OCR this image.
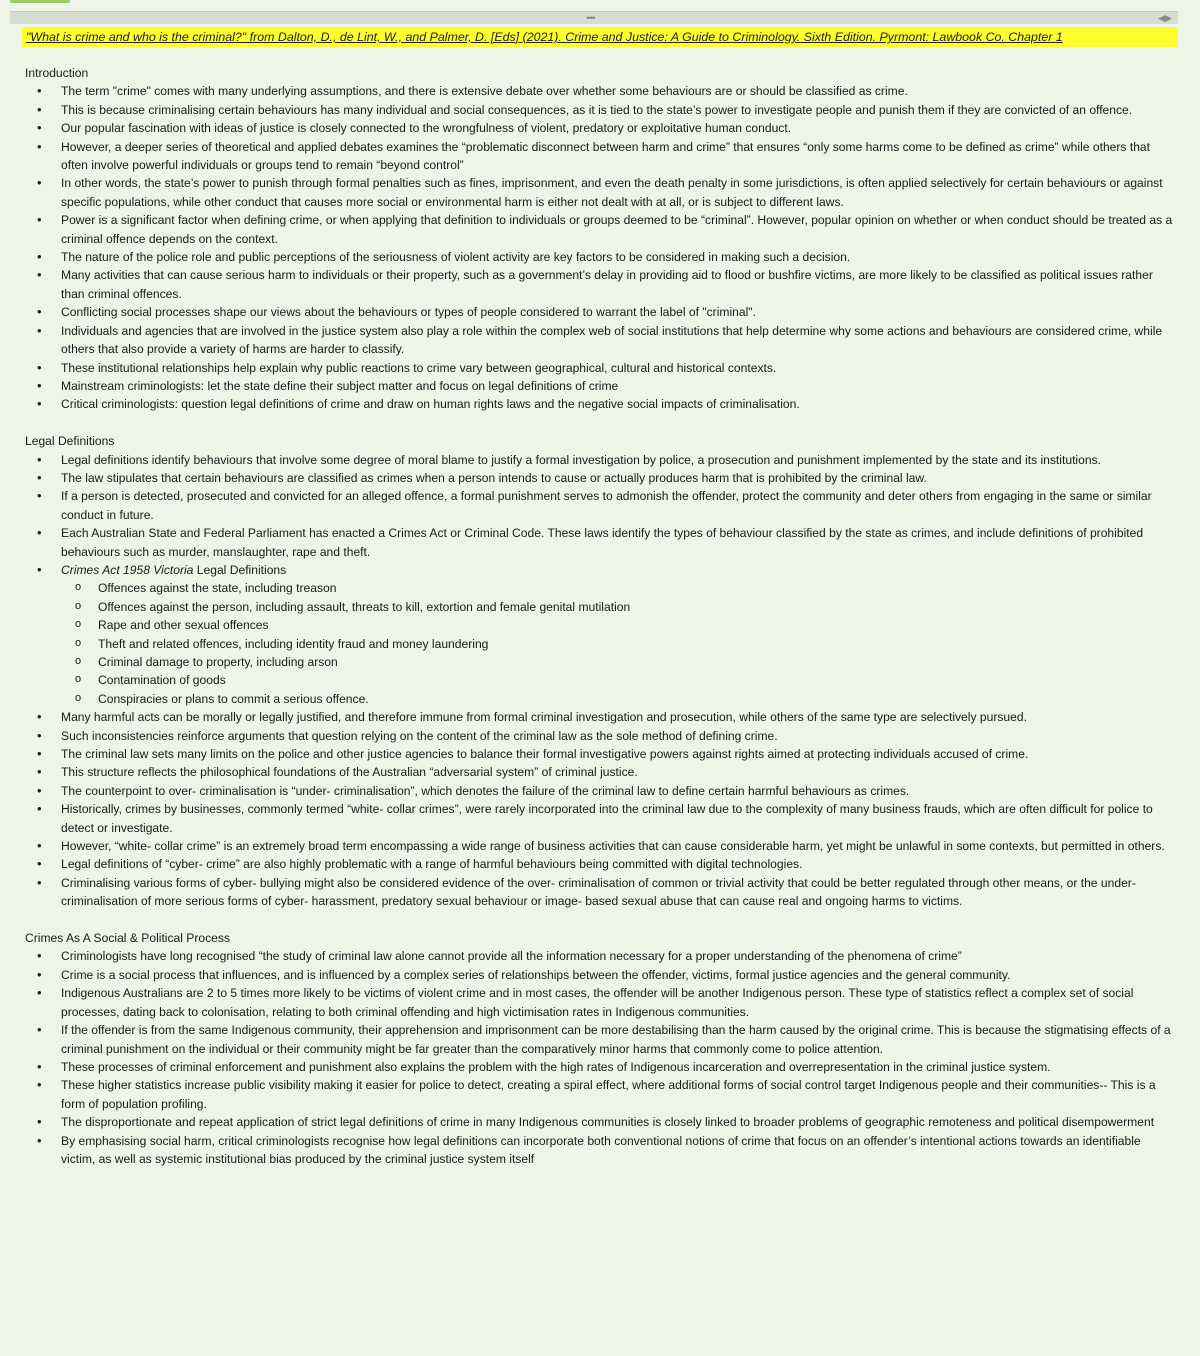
••••	◀▶
"What is crime and who is the criminal?" from Dalton, D., de Lint, W., and Palmer, D. [Eds] (2021). Crime and Justice: A Guide to Criminology. Sixth Edition. Pyrmont: Lawbook Co. Chapter 1

Introduction

• The term "crime" comes with many underlying assumptions, and there is extensive debate over whether some behaviours are or should be classified as crime.
• This is because criminalising certain behaviours has many individual and social consequences, as it is tied to the state’s power to investigate people and punish them if they are convicted of an offence.
• Our popular fascination with ideas of justice is closely connected to the wrongfulness of violent, predatory or exploitative human conduct.
• However, a deeper series of theoretical and applied debates examines the “problematic disconnect between harm and crime” that ensures “only some harms come to be defined as crime” while others that often involve powerful individuals or groups tend to remain “beyond control”
• In other words, the state’s power to punish through formal penalties such as fines, imprisonment, and even the death penalty in some jurisdictions, is often applied selectively for certain behaviours or against specific populations, while other conduct that causes more social or environmental harm is either not dealt with at all, or is subject to different laws.
• Power is a significant factor when defining crime, or when applying that definition to individuals or groups deemed to be “criminal”. However, popular opinion on whether or when conduct should be treated as a criminal offence depends on the context.
• The nature of the police role and public perceptions of the seriousness of violent activity are key factors to be considered in making such a decision.
• Many activities that can cause serious harm to individuals or their property, such as a government’s delay in providing aid to flood or bushfire victims, are more likely to be classified as political issues rather than criminal offences.
• Conflicting social processes shape our views about the behaviours or types of people considered to warrant the label of "criminal".
• Individuals and agencies that are involved in the justice system also play a role within the complex web of social institutions that help determine why some actions and behaviours are considered crime, while others that also provide a variety of harms are harder to classify.
• These institutional relationships help explain why public reactions to crime vary between geographical, cultural and historical contexts.
• Mainstream criminologists: let the state define their subject matter and focus on legal definitions of crime
• Critical criminologists: question legal definitions of crime and draw on human rights laws and the negative social impacts of criminalisation.

Legal Definitions

• Legal definitions identify behaviours that involve some degree of moral blame to justify a formal investigation by police, a prosecution and punishment implemented by the state and its institutions.
• The law stipulates that certain behaviours are classified as crimes when a person intends to cause or actually produces harm that is prohibited by the criminal law.
• If a person is detected, prosecuted and convicted for an alleged offence, a formal punishment serves to admonish the offender, protect the community and deter others from engaging in the same or similar conduct in future.
• Each Australian State and Federal Parliament has enacted a Crimes Act or Criminal Code. These laws identify the types of behaviour classified by the state as crimes, and include definitions of prohibited behaviours such as murder, manslaughter, rape and theft.
• Crimes Act 1958 Victoria Legal Definitions
o Offences against the state, including treason
o Offences against the person, including assault, threats to kill, extortion and female genital mutilation
o Rape and other sexual offences
o Theft and related offences, including identity fraud and money laundering
o Criminal damage to property, including arson
o Contamination of goods
o Conspiracies or plans to commit a serious offence.
• Many harmful acts can be morally or legally justified, and therefore immune from formal criminal investigation and prosecution, while others of the same type are selectively pursued.
• Such inconsistencies reinforce arguments that question relying on the content of the criminal law as the sole method of defining crime.
• The criminal law sets many limits on the police and other justice agencies to balance their formal investigative powers against rights aimed at protecting individuals accused of crime.
• This structure reflects the philosophical foundations of the Australian “adversarial system” of criminal justice.
• The counterpoint to over- criminalisation is “under- criminalisation”, which denotes the failure of the criminal law to define certain harmful behaviours as crimes.
• Historically, crimes by businesses, commonly termed “white- collar crimes”, were rarely incorporated into the criminal law due to the complexity of many business frauds, which are often difficult for police to detect or investigate.
• However, “white- collar crime” is an extremely broad term encompassing a wide range of business activities that can cause considerable harm, yet might be unlawful in some contexts, but permitted in others.
• Legal definitions of “cyber- crime” are also highly problematic with a range of harmful behaviours being committed with digital technologies.
• Criminalising various forms of cyber- bullying might also be considered evidence of the over- criminalisation of common or trivial activity that could be better regulated through other means, or the under- criminalisation of more serious forms of cyber- harassment, predatory sexual behaviour or image- based sexual abuse that can cause real and ongoing harms to victims.

Crimes As A Social & Political Process

• Criminologists have long recognised “the study of criminal law alone cannot provide all the information necessary for a proper understanding of the phenomena of crime”
• Crime is a social process that influences, and is influenced by a complex series of relationships between the offender, victims, formal justice agencies and the general community.
• Indigenous Australians are 2 to 5 times more likely to be victims of violent crime and in most cases, the offender will be another Indigenous person. These type of statistics reflect a complex set of social processes, dating back to colonisation, relating to both criminal offending and high victimisation rates in Indigenous communities.
• If the offender is from the same Indigenous community, their apprehension and imprisonment can be more destabilising than the harm caused by the original crime. This is because the stigmatising effects of a criminal punishment on the individual or their community might be far greater than the comparatively minor harms that commonly come to police attention.
• These processes of criminal enforcement and punishment also explains the problem with the high rates of Indigenous incarceration and overrepresentation in the criminal justice system.
• These higher statistics increase public visibility making it easier for police to detect, creating a spiral effect, where additional forms of social control target Indigenous people and their communities-- This is a form of population profiling.
• The disproportionate and repeat application of strict legal definitions of crime in many Indigenous communities is closely linked to broader problems of geographic remoteness and political disempowerment
• By emphasising social harm, critical criminologists recognise how legal definitions can incorporate both conventional notions of crime that focus on an offender’s intentional actions towards an identifiable victim, as well as systemic institutional bias produced by the criminal justice system itself
